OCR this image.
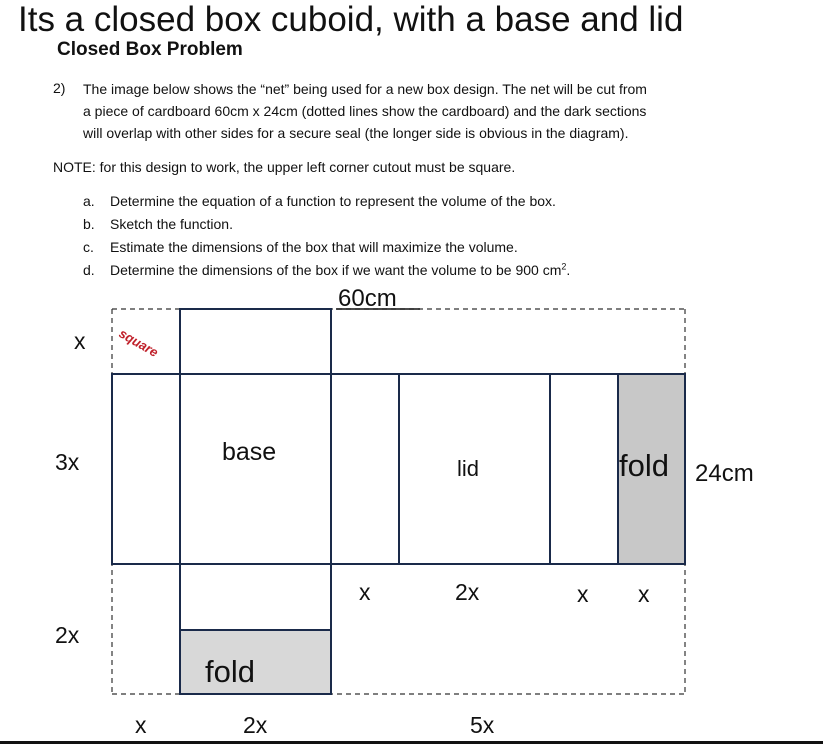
Its a closed box cuboid, with a base and lid
Closed Box Problem
2) The image below shows the “net” being used for a new box design. The net will be cut from
a piece of cardboard 60cm x 24cm (dotted lines show the cardboard) and the dark sections
will overlap with other sides for a secure seal (the longer side is obvious in the diagram).
NOTE: for this design to work, the upper left corner cutout must be square.
a. Determine the equation of a function to represent the volume of the box.
b. Sketch the function.
c. Estimate the dimensions of the box that will maximize the volume.
d. Determine the dimensions of the box if we want the volume to be 900 $cm^2$.
60cm
24cm
square
base
lid	fold
fold
x
3x
2x
x	2x	5x
x	2x	x x
